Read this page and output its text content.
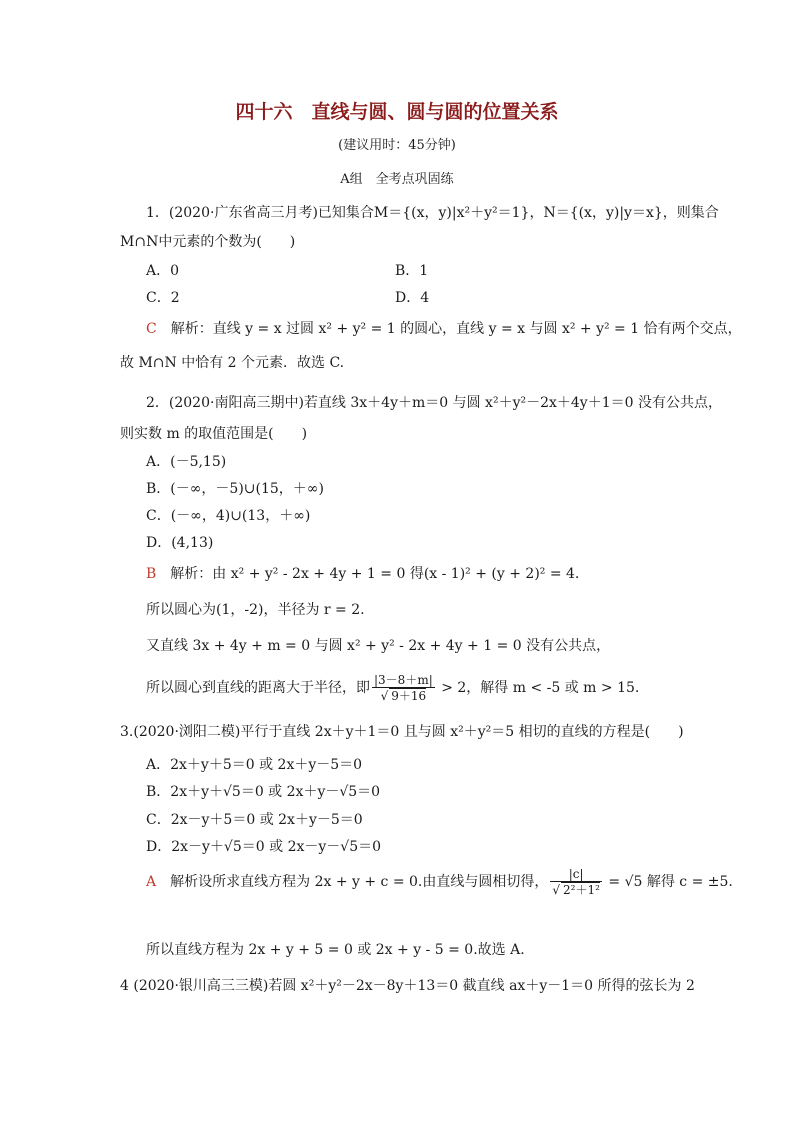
四十六　直线与圆、圆与圆的位置关系
(建议用时：45分钟)
A组　全考点巩固练
1．(2020·广东省高三月考)已知集合M＝{(x，y)|x²＋y²＝1}，N＝{(x，y)|y＝x}，则集合
M∩N中元素的个数为(　　)
A．0	B．1
C．2	D．4
C　解析：直线 y = x 过圆 x² + y² = 1 的圆心，直线 y = x 与圆 x² + y² = 1 恰有两个交点，
故 M∩N 中恰有 2 个元素．故选 C.
2．(2020·南阳高三期中)若直线 3x＋4y＋m＝0 与圆 x²＋y²－2x＋4y＋1＝0 没有公共点，
则实数 m 的取值范围是(　　)
A．(－5,15)
B．(－∞，－5)∪(15，＋∞)
C．(－∞，4)∪(13，＋∞)
D．(4,13)
B　解析：由 x² + y² - 2x + 4y + 1 = 0 得(x - 1)² + (y + 2)² = 4.
所以圆心为(1，-2)，半径为 r = 2.
又直线 3x + 4y + m = 0 与圆 x² + y² - 2x + 4y + 1 = 0 没有公共点，
所以圆心到直线的距离大于半径，即 $\frac{|3-8+m|}{√ 9+16} > 2$，解得 m < -5 或 m > 15.
3.(2020·浏阳二模)平行于直线 2x＋y＋1＝0 且与圆 x²＋y²＝5 相切的直线的方程是(　　)
A．2x＋y＋5＝0 或 2x＋y－5＝0
B．2x＋y＋√5＝0 或 2x＋y－√5＝0
C．2x－y＋5＝0 或 2x＋y－5＝0
D．2x－y＋√5＝0 或 2x－y－√5＝0
A　解析设所求直线方程为 2x + y + c = 0.由直线与圆相切得， $\frac{|c|}{\text{√ 2²＋1²}} = √5$ 解得 c = ±5.
所以直线方程为 2x + y + 5 = 0 或 2x + y - 5 = 0.故选 A.
4 (2020·银川高三三模)若圆 x²＋y²－2x－8y＋13＝0 截直线 ax＋y－1＝0 所得的弦长为 2
